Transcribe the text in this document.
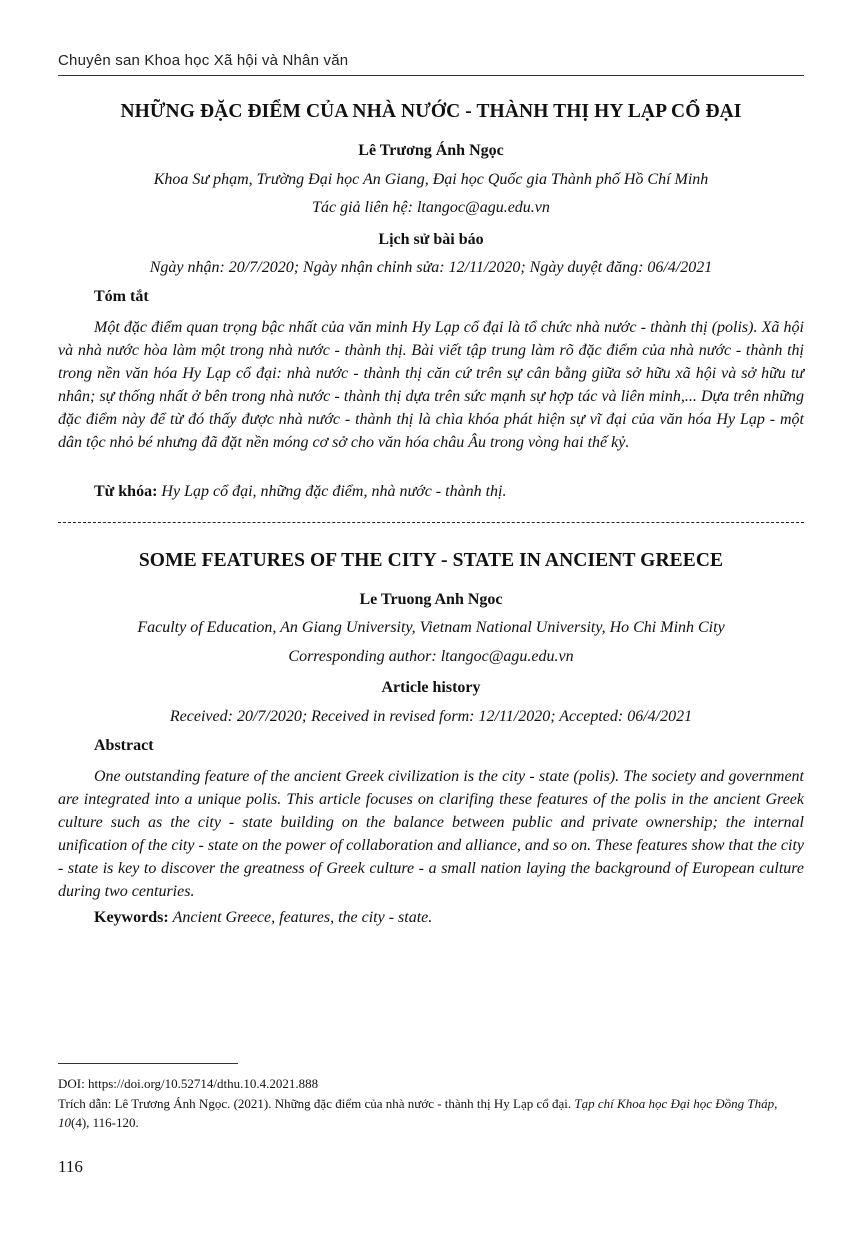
Chuyên san Khoa học Xã hội và Nhân văn
NHỮNG ĐẶC ĐIỂM CỦA NHÀ NƯỚC - THÀNH THỊ HY LẠP CỔ ĐẠI
Lê Trương Ánh Ngọc
Khoa Sư phạm, Trường Đại học An Giang, Đại học Quốc gia Thành phố Hồ Chí Minh
Tác giả liên hệ: ltangoc@agu.edu.vn
Lịch sử bài báo
Ngày nhận: 20/7/2020; Ngày nhận chỉnh sửa: 12/11/2020; Ngày duyệt đăng: 06/4/2021
Tóm tắt
Một đặc điểm quan trọng bậc nhất của văn minh Hy Lạp cổ đại là tổ chức nhà nước - thành thị (polis). Xã hội và nhà nước hòa làm một trong nhà nước - thành thị. Bài viết tập trung làm rõ đặc điểm của nhà nước - thành thị trong nền văn hóa Hy Lạp cổ đại: nhà nước - thành thị căn cứ trên sự cân bằng giữa sở hữu xã hội và sở hữu tư nhân; sự thống nhất ở bên trong nhà nước - thành thị dựa trên sức mạnh sự hợp tác và liên minh,... Dựa trên những đặc điểm này để từ đó thấy được nhà nước - thành thị là chìa khóa phát hiện sự vĩ đại của văn hóa Hy Lạp - một dân tộc nhỏ bé nhưng đã đặt nền móng cơ sở cho văn hóa châu Âu trong vòng hai thế kỷ.
Từ khóa: Hy Lạp cổ đại, những đặc điểm, nhà nước - thành thị.
SOME FEATURES OF THE CITY - STATE IN ANCIENT GREECE
Le Truong Anh Ngoc
Faculty of Education, An Giang University, Vietnam National University, Ho Chi Minh City
Corresponding author: ltangoc@agu.edu.vn
Article history
Received: 20/7/2020; Received in revised form: 12/11/2020; Accepted: 06/4/2021
Abstract
One outstanding feature of the ancient Greek civilization is the city - state (polis). The society and government are integrated into a unique polis. This article focuses on clarifing these features of the polis in the ancient Greek culture such as the city - state building on the balance between public and private ownership; the internal unification of the city - state on the power of collaboration and alliance, and so on. These features show that the city - state is key to discover the greatness of Greek culture - a small nation laying the background of European culture during two centuries.
Keywords: Ancient Greece, features, the city - state.
DOI: https://doi.org/10.52714/dthu.10.4.2021.888
Trích dẫn: Lê Trương Ánh Ngọc. (2021). Những đặc điểm của nhà nước - thành thị Hy Lạp cổ đại. Tạp chí Khoa học Đại học Đồng Tháp, 10(4), 116-120.
116
